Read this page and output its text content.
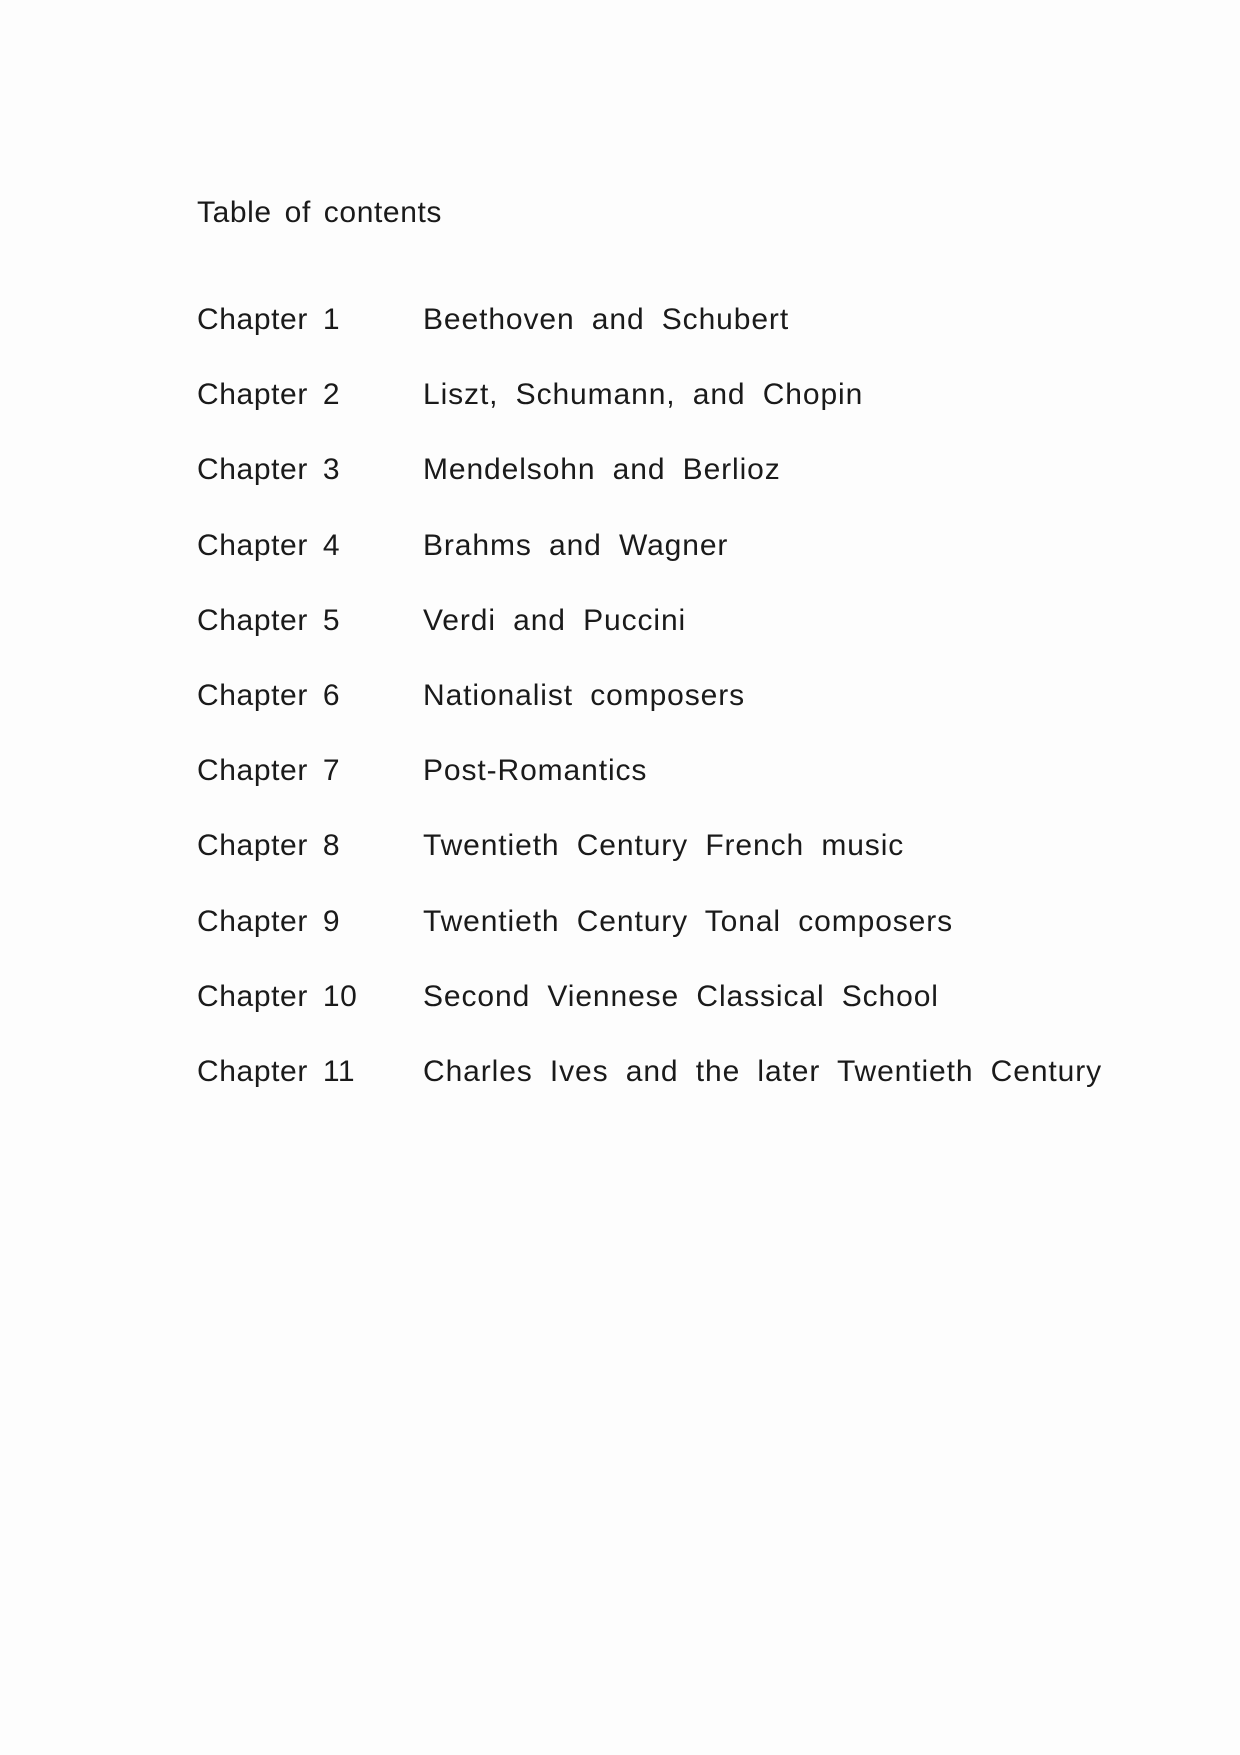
Table of contents
Chapter 1	Beethoven and Schubert
Chapter 2	Liszt, Schumann, and Chopin
Chapter 3	Mendelsohn and Berlioz
Chapter 4	Brahms and Wagner
Chapter 5	Verdi and Puccini
Chapter 6	Nationalist composers
Chapter 7	Post-Romantics
Chapter 8	Twentieth Century French music
Chapter 9	Twentieth Century Tonal composers
Chapter 10 Second Viennese Classical School
Chapter 11 Charles Ives and the later Twentieth Century
